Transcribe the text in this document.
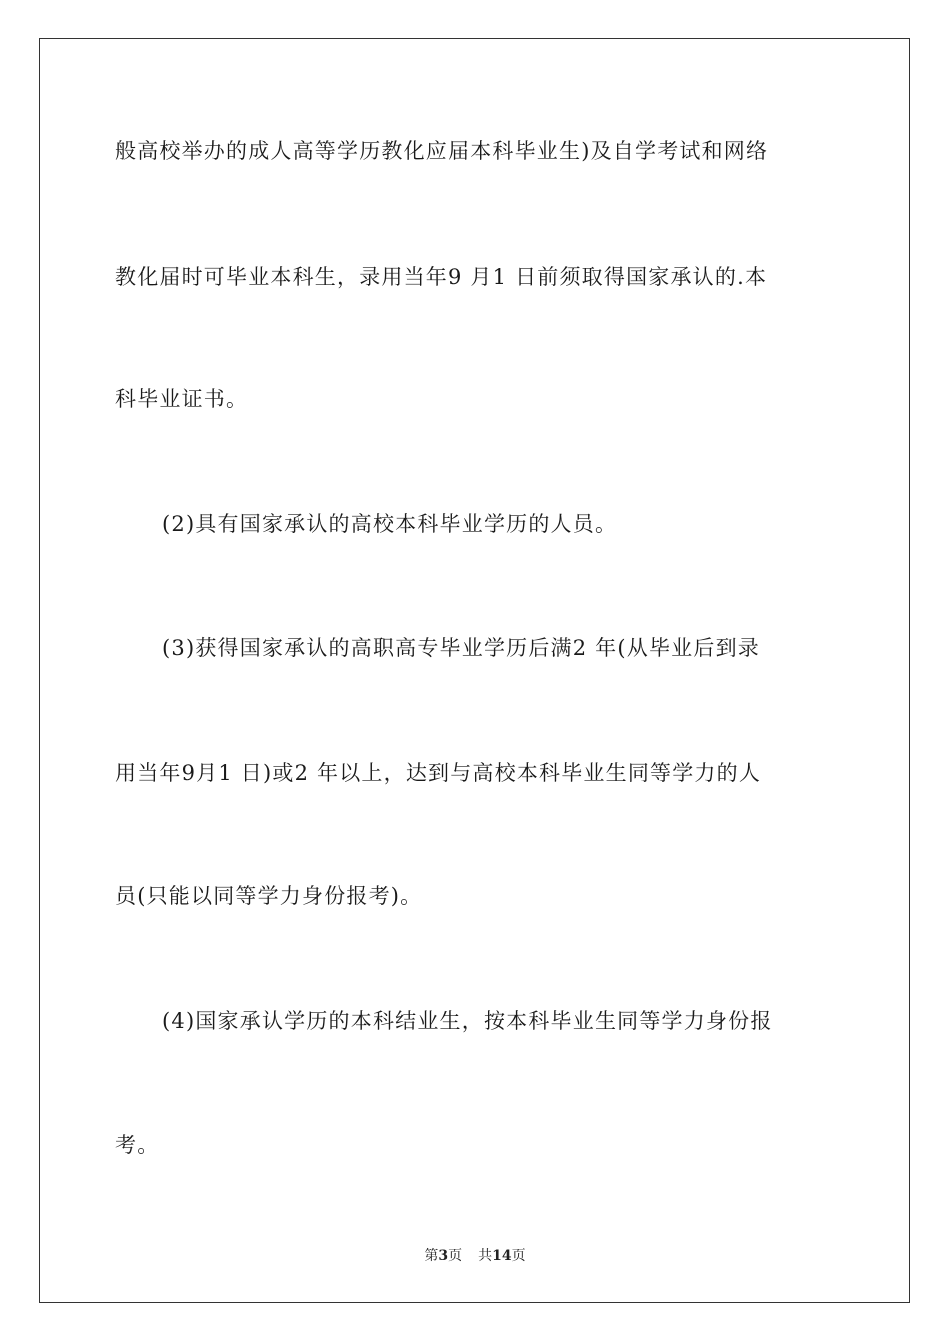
般高校举办的成人高等学历教化应届本科毕业生)及自学考试和网络
教化届时可毕业本科生，录用当年9 月1 日前须取得国家承认的.本
科毕业证书。
(2)具有国家承认的高校本科毕业学历的人员。
(3)获得国家承认的高职高专毕业学历后满2 年(从毕业后到录
用当年9月1 日)或2 年以上，达到与高校本科毕业生同等学力的人
员(只能以同等学力身份报考)。
(4)国家承认学历的本科结业生，按本科毕业生同等学力身份报
考。
第3页 共14页
